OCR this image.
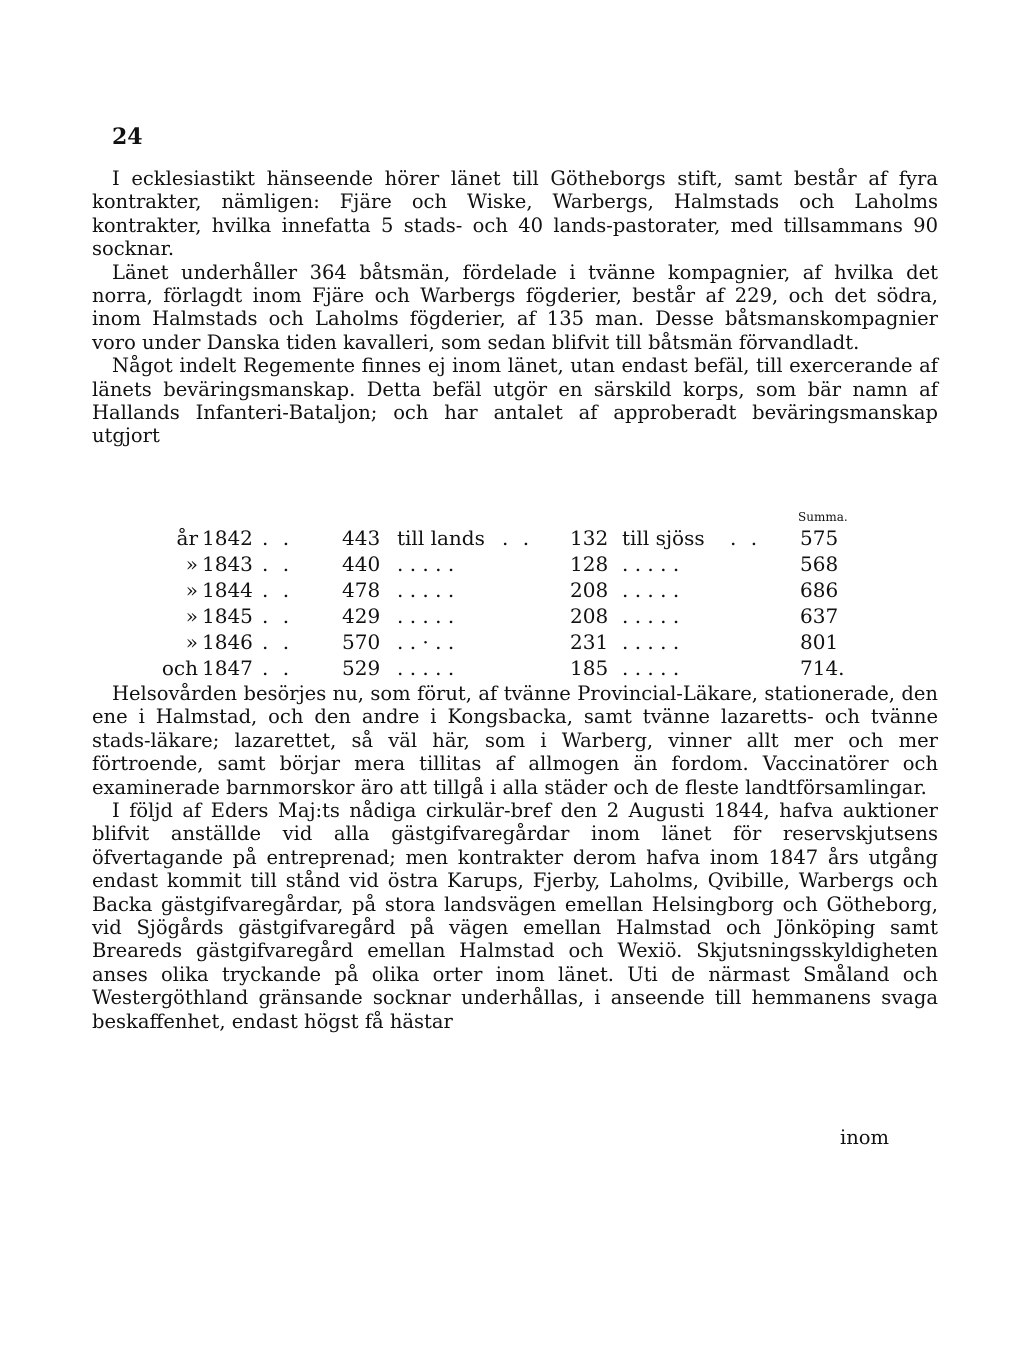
24

I ecklesiastikt hänseende hörer länet till Götheborgs stift, samt består af fyra kontrakter, nämligen: Fjäre och Wiske, Warbergs, Halmstads och Laholms kontrakter, hvilka innefatta 5 stads- och 40 lands-pastorater, med tillsammans 90 socknar.

Länet underhåller 364 båtsmän, fördelade i tvänne kompagnier, af hvilka det norra, förlagdt inom Fjäre och Warbergs fögderier, består af 229, och det södra, inom Halmstads och Laholms fögderier, af 135 man. Desse båtsmanskompagnier voro under Danska tiden kavalleri, som sedan blifvit till båtsmän förvandladt.

Något indelt Regemente finnes ej inom länet, utan endast befäl, till exercerande af länets beväringsmanskap. Detta befäl utgör en särskild korps, som bär namn af Hallands Infanteri-Bataljon; och har antalet af approberadt beväringsmanskap utgjort

Summa.
år 1842 . . 443 till lands . . 132 till sjöss . . 575
» 1843 . . 440 . . . . .	128 . . . . .	568
» 1844 . . 478 . . . . .	208 . . . . .	686
» 1845 . . 429 . . . . .	208 . . . . .	637
» 1846 . . 570 . . · . .	231 . . . . .	801
och 1847 . . 529 . . . . .	185 . . . . .	714.

Helsovården besörjes nu, som förut, af tvänne Provincial-Läkare, stationerade, den ene i Halmstad, och den andre i Kongsbacka, samt tvänne lazaretts- och tvänne stads-läkare; lazarettet, så väl här, som i Warberg, vinner allt mer och mer förtroende, samt börjar mera tillitas af allmogen än fordom. Vaccinatörer och examinerade barnmorskor äro att tillgå i alla städer och de fleste landtförsamlingar.

I följd af Eders Maj:ts nådiga cirkulär-bref den 2 Augusti 1844, hafva auktioner blifvit anställde vid alla gästgifvaregårdar inom länet för reservskjutsens öfvertagande på entreprenad; men kontrakter derom hafva inom 1847 års utgång endast kommit till stånd vid östra Karups, Fjerby, Laholms, Qvibille, Warbergs och Backa gästgifvaregårdar, på stora landsvägen emellan Helsingborg och Götheborg, vid Sjögårds gästgifvaregård på vägen emellan Halmstad och Jönköping samt Breareds gästgifvaregård emellan Halmstad och Wexiö. Skjutsningsskyldigheten anses olika tryckande på olika orter inom länet. Uti de närmast Småland och Westergöthland gränsande socknar underhållas, i anseende till hemmanens svaga beskaffenhet, endast högst få hästar

inom
